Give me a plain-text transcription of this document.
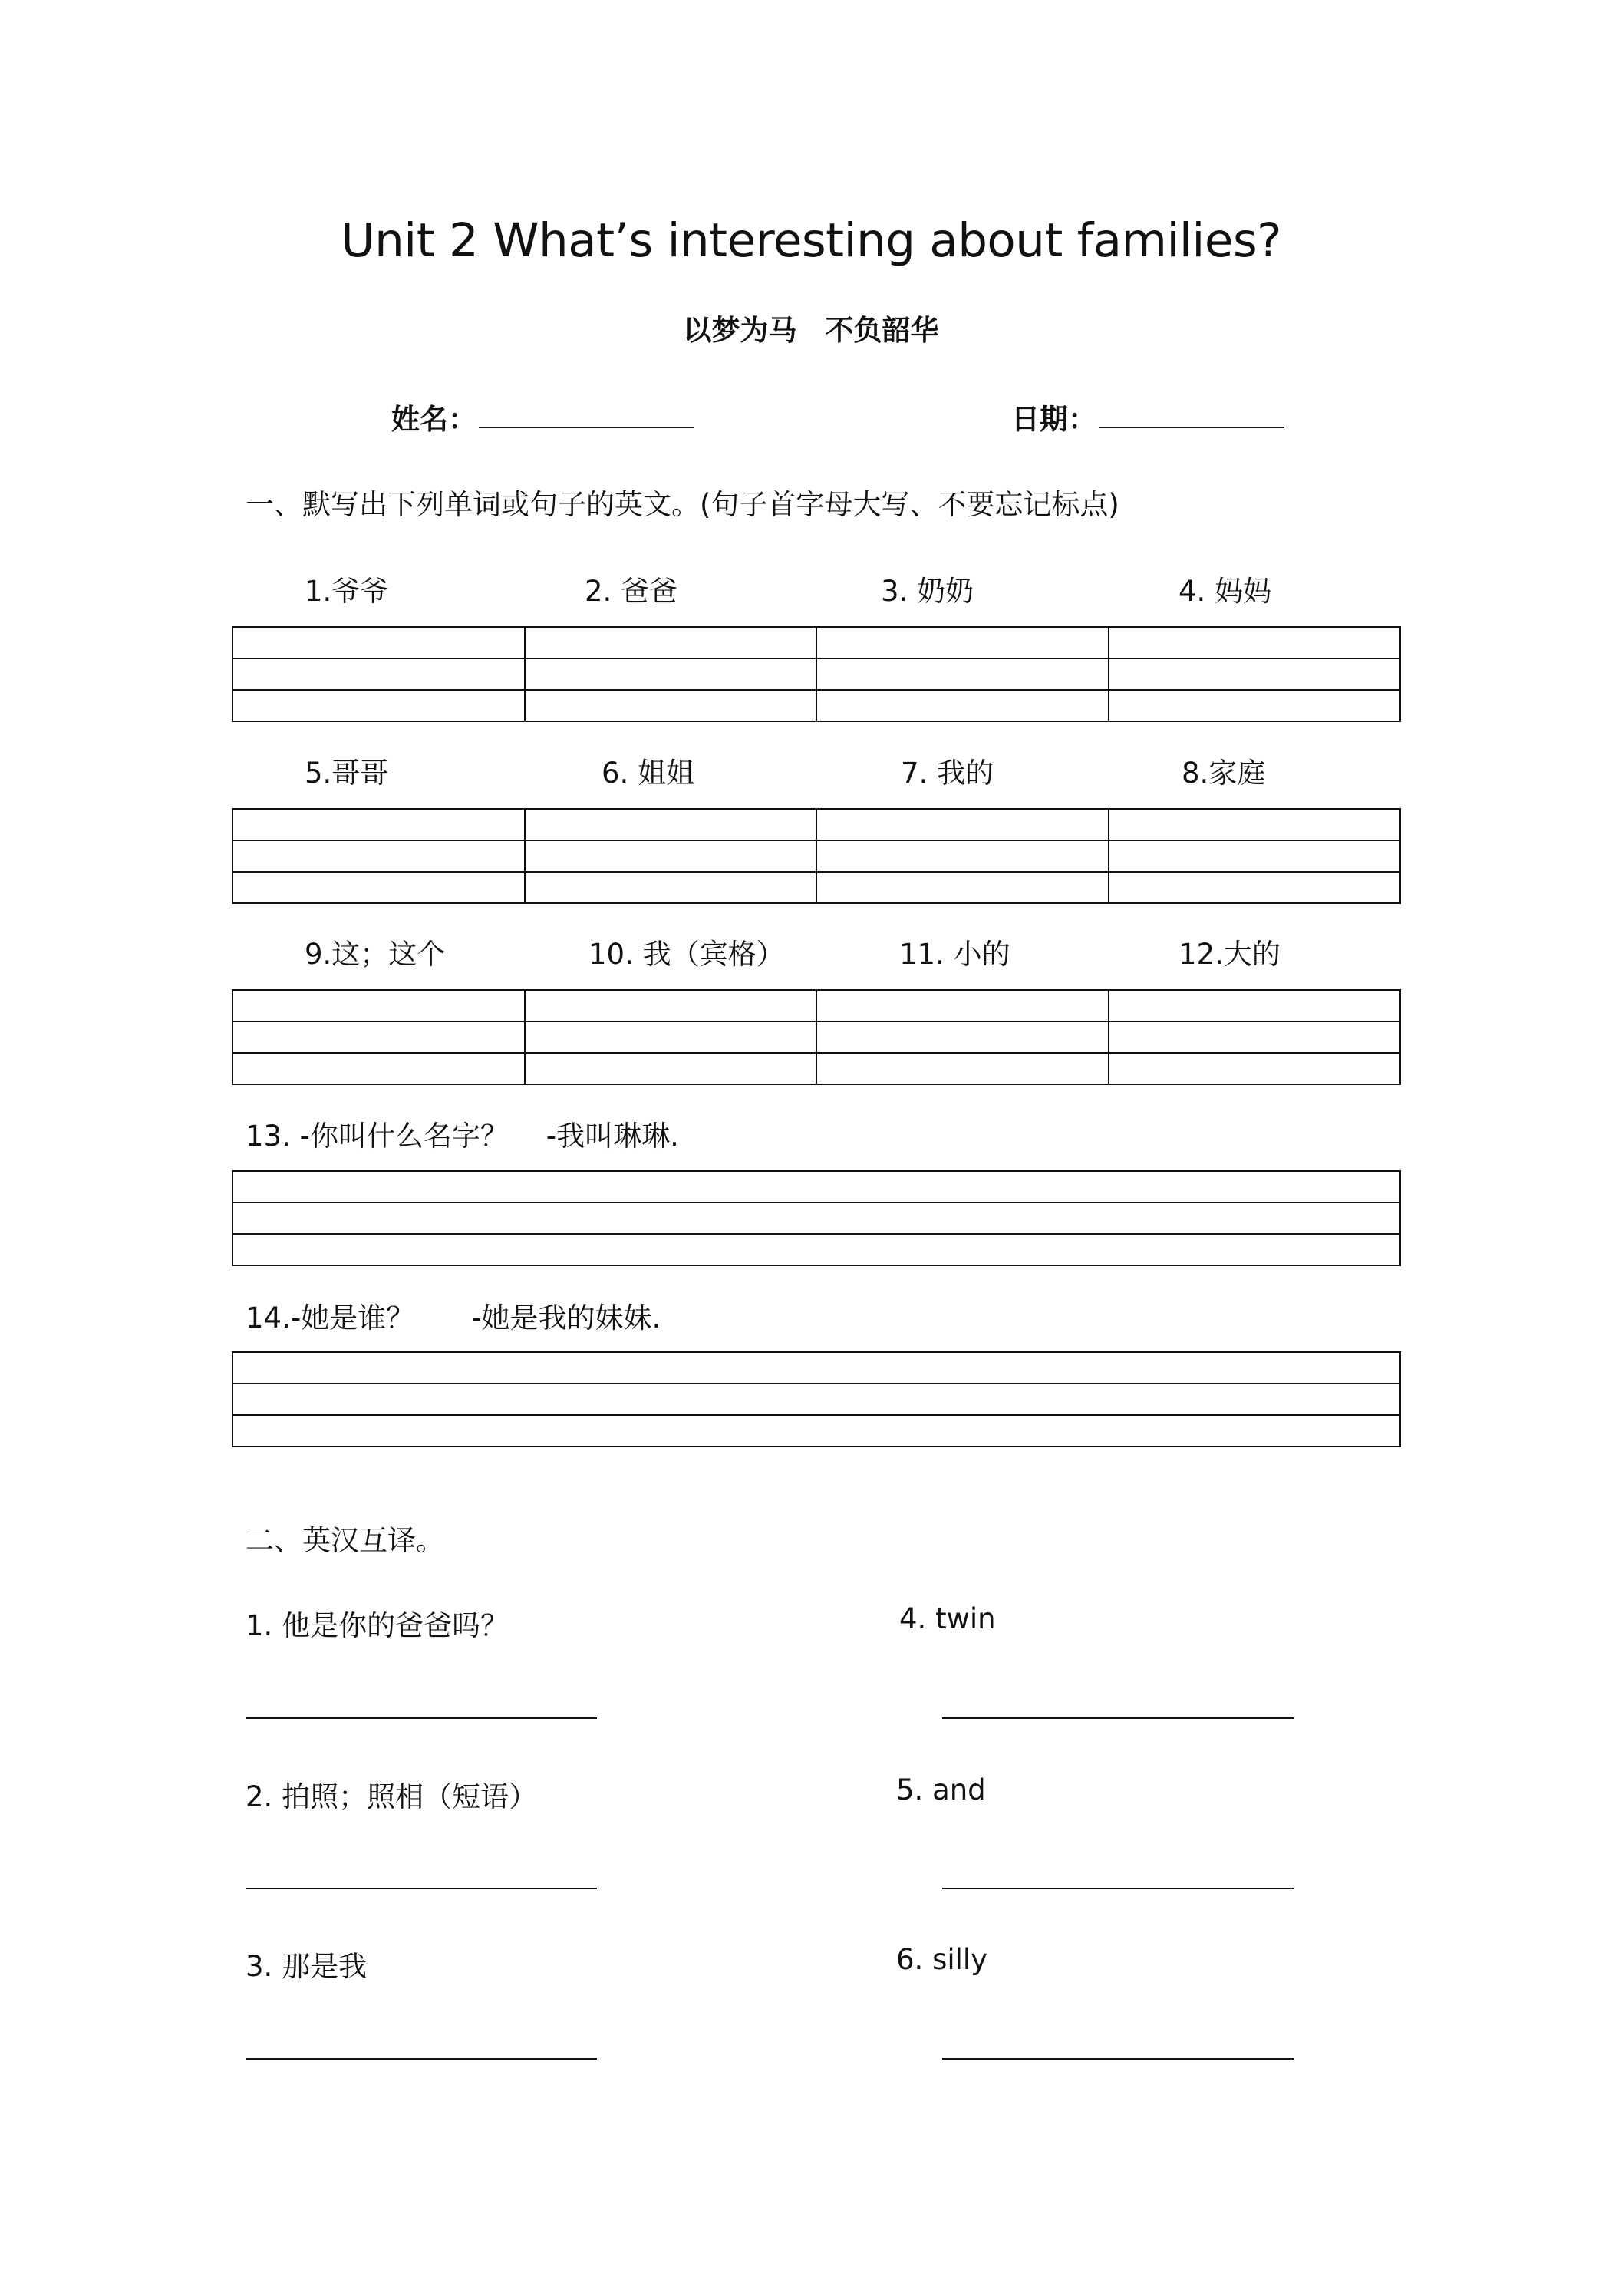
Unit 2 What’s interesting about families?
以梦为马　不负韶华
姓名：	日期：
一、默写出下列单词或句子的英文。(句子首字母大写、不要忘记标点)
1.爷爷	2. 爸爸	3. 奶奶	4. 妈妈

5.哥哥	6. 姐姐	7. 我的	8.家庭

9.这；这个	10. 我（宾格）	11. 小的	12.大的

13. -你叫什么名字？　 -我叫琳琳.

14.-她是谁？　　-她是我的妹妹.

二、英汉互译。
1. 他是你的爸爸吗？	4. twin
2. 拍照；照相（短语）	5. and
3. 那是我	6. silly
